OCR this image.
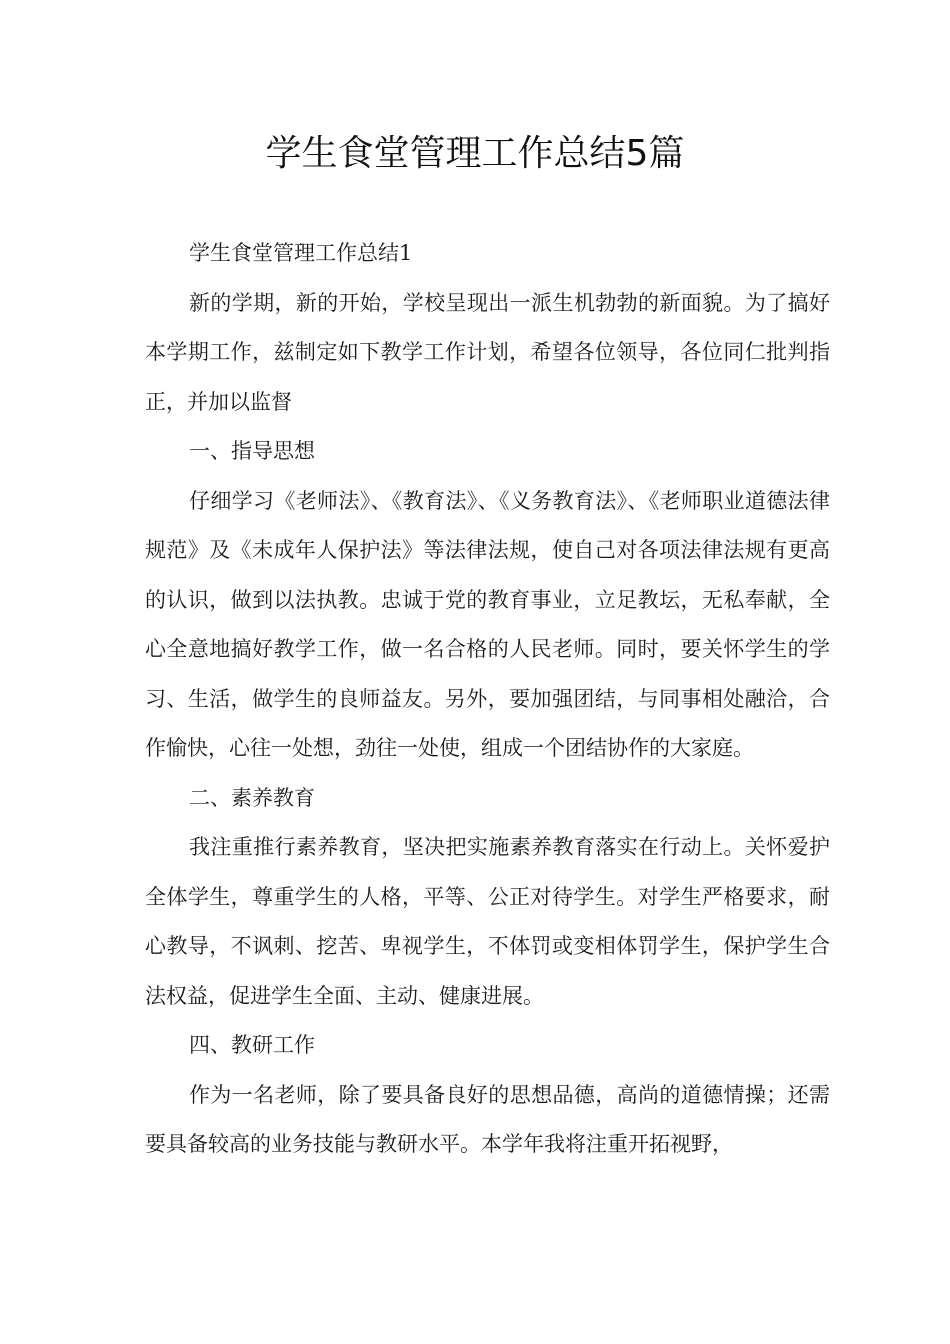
学生食堂管理工作总结5篇

学生食堂管理工作总结1

新的学期，新的开始，学校呈现出一派生机勃勃的新面貌。为了搞好本学期工作，兹制定如下教学工作计划，希望各位领导，各位同仁批判指正，并加以监督

一、指导思想

仔细学习《老师法》、《教育法》、《义务教育法》、《老师职业道德法律规范》及《未成年人保护法》等法律法规，使自己对各项法律法规有更高的认识，做到以法执教。忠诚于党的教育事业，立足教坛，无私奉献，全心全意地搞好教学工作，做一名合格的人民老师。同时，要关怀学生的学习、生活，做学生的良师益友。另外，要加强团结，与同事相处融洽，合作愉快，心往一处想，劲往一处使，组成一个团结协作的大家庭。

二、素养教育

我注重推行素养教育，坚决把实施素养教育落实在行动上。关怀爱护全体学生，尊重学生的人格，平等、公正对待学生。对学生严格要求，耐心教导，不讽刺、挖苦、卑视学生，不体罚或变相体罚学生，保护学生合法权益，促进学生全面、主动、健康进展。

四、教研工作

作为一名老师，除了要具备良好的思想品德，高尚的道德情操；还需要具备较高的业务技能与教研水平。本学年我将注重开拓视野，
